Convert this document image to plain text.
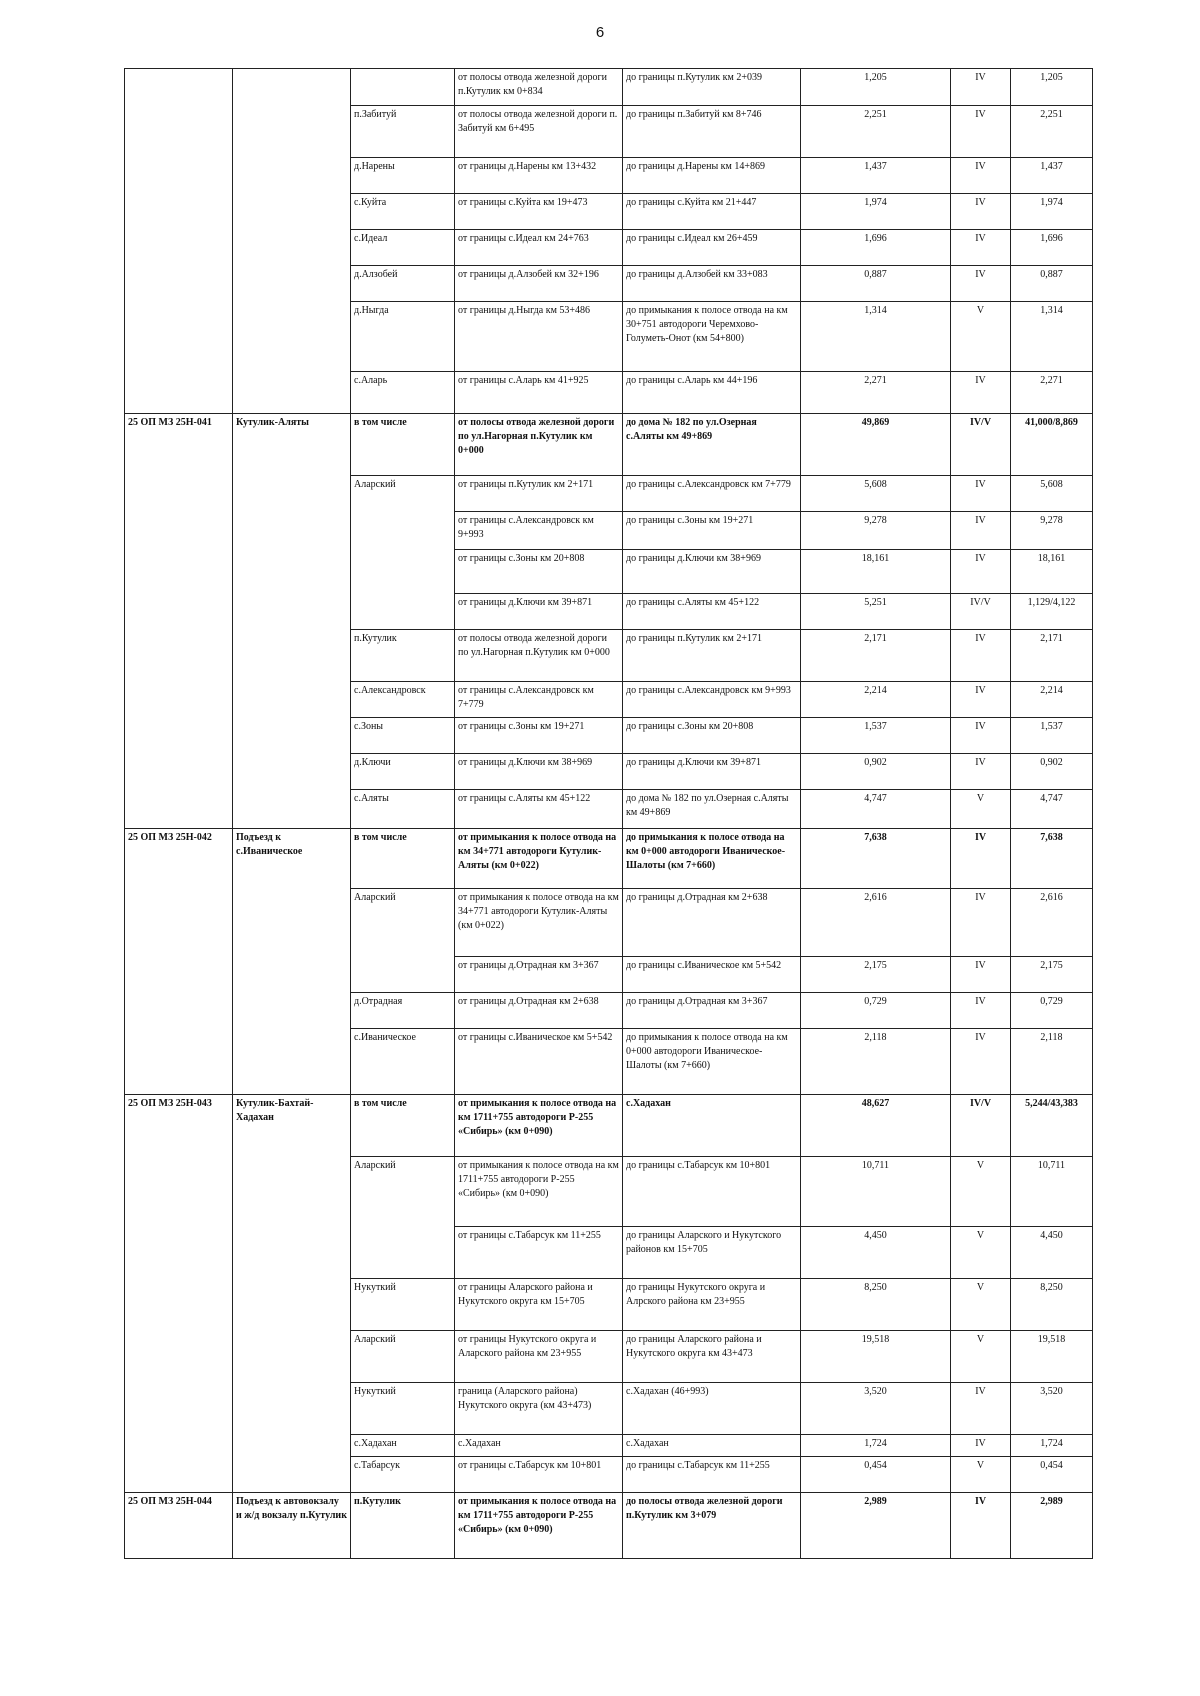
6
			от полосы отвода железной дороги п.Кутулик км 0+834	до границы п.Кутулик км 2+039	1,205	IV	1,205
		п.Забитуй	от полосы отвода железной дороги п. Забитуй км 6+495	до границы п.Забитуй км 8+746	2,251	IV	2,251
		д.Нарены	от границы д.Нарены км 13+432	до границы д.Нарены км 14+869	1,437	IV	1,437
		с.Куйта	от границы с.Куйта км 19+473	до границы с.Куйта км 21+447	1,974	IV	1,974
		с.Идеал	от границы с.Идеал км 24+763	до границы с.Идеал км 26+459	1,696	IV	1,696
		д.Алзобей	от границы д.Алзобей км 32+196	до границы д.Алзобей км 33+083	0,887	IV	0,887
		д.Ныгда	от границы д.Ныгда км 53+486	до примыкания к полосе отвода на км 30+751 автодороги Черемхово-Голуметь-Онот (км 54+800)	1,314	V	1,314
		с.Аларь	от границы с.Аларь км 41+925	до границы с.Аларь км 44+196	2,271	IV	2,271
25 ОП МЗ 25Н-041	Кутулик-Аляты	в том числе	от полосы отвода железной дороги по ул.Нагорная п.Кутулик км 0+000	до дома № 182 по ул.Озерная с.Аляты км 49+869	49,869	IV/V	41,000/8,869
		Аларский	от границы п.Кутулик км 2+171	до границы с.Александровск км 7+779	5,608	IV	5,608
			от границы с.Александровск км 9+993	до границы с.Зоны км 19+271	9,278	IV	9,278
			от границы с.Зоны км 20+808	до границы д.Ключи км 38+969	18,161	IV	18,161
			от границы д.Ключи км 39+871	до границы с.Аляты км 45+122	5,251	IV/V	1,129/4,122
		п.Кутулик	от полосы отвода железной дороги по ул.Нагорная п.Кутулик км 0+000	до границы п.Кутулик км 2+171	2,171	IV	2,171
		с.Александровск	от границы с.Александровск км 7+779	до границы с.Александровск км 9+993	2,214	IV	2,214
		с.Зоны	от границы с.Зоны км 19+271	до границы с.Зоны км 20+808	1,537	IV	1,537
		д.Ключи	от границы д.Ключи км 38+969	до границы д.Ключи км 39+871	0,902	IV	0,902
		с.Аляты	от границы с.Аляты км 45+122	до дома № 182 по ул.Озерная с.Аляты км 49+869	4,747	V	4,747
25 ОП МЗ 25Н-042	Подъезд к с.Иваническое	в том числе	от примыкания к полосе отвода на км 34+771 автодороги Кутулик-Аляты (км 0+022)	до примыкания к полосе отвода на км 0+000 автодороги Иваническое-Шалоты (км 7+660)	7,638	IV	7,638
		Аларский	от примыкания к полосе отвода на км 34+771 автодороги Кутулик-Аляты (км 0+022)	до границы д.Отрадная км 2+638	2,616	IV	2,616
			от границы д.Отрадная км 3+367	до границы с.Иваническое км 5+542	2,175	IV	2,175
		д.Отрадная	от границы д.Отрадная км 2+638	до границы д.Отрадная км 3+367	0,729	IV	0,729
		с.Иваническое	от границы с.Иваническое км 5+542	до примыкания к полосе отвода на км 0+000 автодороги Иваническое-Шалоты (км 7+660)	2,118	IV	2,118
25 ОП МЗ 25Н-043	Кутулик-Бахтай-Хадахан	в том числе	от примыкания к полосе отвода на км 1711+755 автодороги Р-255 «Сибирь» (км 0+090)	с.Хадахан	48,627	IV/V	5,244/43,383
		Аларский	от примыкания к полосе отвода на км 1711+755 автодороги Р-255 «Сибирь» (км 0+090)	до границы с.Табарсук км 10+801	10,711	V	10,711
			от границы с.Табарсук км 11+255	до границы Аларского и Нукутского районов км 15+705	4,450	V	4,450
		Нукуткий	от границы Аларского района и Нукутского округа км 15+705	до границы Нукутского округа и Алрского района км 23+955	8,250	V	8,250
		Аларский	от границы Нукутского округа и Аларского района км 23+955	до границы Аларского района и Нукутского округа км 43+473	19,518	V	19,518
		Нукуткий	граница (Аларского района) Нукутского округа (км 43+473)	с.Хадахан (46+993)	3,520	IV	3,520
		с.Хадахан	с.Хадахан	с.Хадахан	1,724	IV	1,724
		с.Табарсук	от границы с.Табарсук км 10+801	до границы с.Табарсук км 11+255	0,454	V	0,454
25 ОП МЗ 25Н-044	Подъезд к автовокзалу и ж/д вокзалу п.Кутулик	п.Кутулик	от примыкания к полосе отвода на км 1711+755 автодороги Р-255 «Сибирь» (км 0+090)	до полосы отвода железной дороги п.Кутулик км 3+079	2,989	IV	2,989
